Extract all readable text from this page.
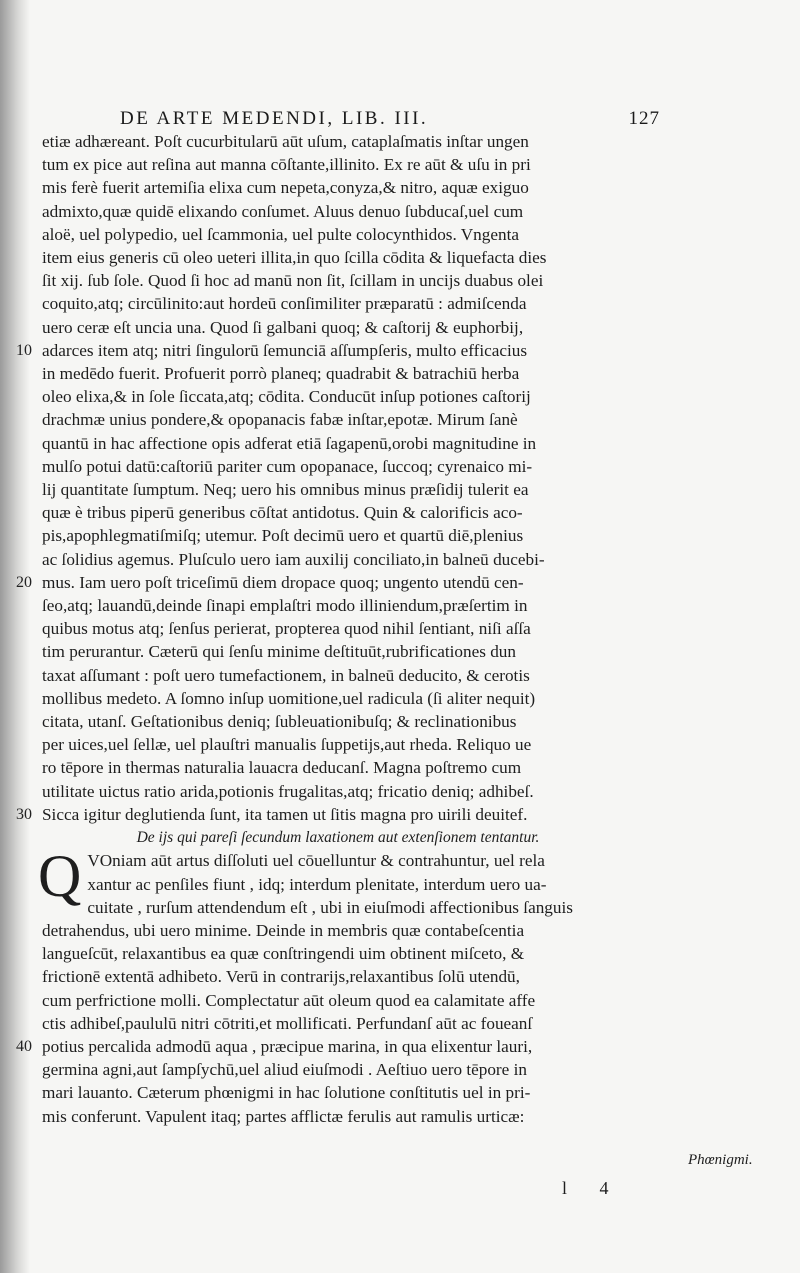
DE ARTE MEDENDI, LIB. III.	127
etiæ adhæreant. Poſt cucurbitularū aūt uſum, cataplaſmatis inſtar ungen
tum ex pice aut reſina aut manna cōſtante,illinito. Ex re aūt & uſu in pri
mis ferè fuerit artemiſia elixa cum nepeta,conyza,& nitro, aquæ exiguo
admixto,quæ quidē elixando conſumet. Aluus denuo ſubducaſ,uel cum
aloë, uel polypedio, uel ſcammonia, uel pulte colocynthidos. Vngenta
item eius generis cū oleo ueteri illita,in quo ſcilla cōdita & liquefacta dies
ſit xij. ſub ſole. Quod ſi hoc ad manū non ſit, ſcillam in uncijs duabus olei
coquito,atq; circūlinito:aut hordeū conſimiliter præparatū : admiſcenda
uero ceræ eſt uncia una. Quod ſi galbani quoq; & caſtorij & euphorbij,
10 adarces item atq; nitri ſingulorū ſemunciā aſſumpſeris, multo efficacius
in medēdo fuerit. Profuerit porrò planeq; quadrabit & batrachiū herba
oleo elixa,& in ſole ſiccata,atq; cōdita. Conducūt inſup potiones caſtorij
drachmæ unius pondere,& opopanacis fabæ inſtar,epotæ. Mirum ſanè
quantū in hac affectione opis adferat etiā ſagapenū,orobi magnitudine in
mulſo potui datū:caſtoriū pariter cum opopanace, ſuccoq; cyrenaico mi-
lij quantitate ſumptum. Neq; uero his omnibus minus præſidij tulerit ea
quæ è tribus piperū generibus cōſtat antidotus. Quin & calorificis aco-
pis,apophlegmatiſmiſq; utemur. Poſt decimū uero et quartū diē,plenius
ac ſolidius agemus. Pluſculo uero iam auxilij conciliato,in balneū ducebi-
20 mus. Iam uero poſt triceſimū diem dropace quoq; ungento utendū cen-
ſeo,atq; lauandū,deinde ſinapi emplaſtri modo illiniendum,præſertim in
quibus motus atq; ſenſus perierat, propterea quod nihil ſentiant, niſi aſſa
tim perurantur. Cæterū qui ſenſu minime deſtituūt,rubrificationes dun
taxat aſſumant : poſt uero tumefactionem, in balneū deducito, & cerotis
mollibus medeto. A ſomno inſup uomitione,uel radicula (ſi aliter nequit)
citata, utanſ. Geſtationibus deniq; ſubleuationibuſq; & reclinationibus
per uices,uel ſellæ, uel plauſtri manualis ſuppetijs,aut rheda. Reliquo ue
ro tēpore in thermas naturalia lauacra deducanſ. Magna poſtremo cum
utilitate uictus ratio arida,potionis frugalitas,atq; fricatio deniq; adhibeſ.
30 Sicca igitur deglutienda ſunt, ita tamen ut ſitis magna pro uirili deuitef.
De ijs qui pareſi ſecundum laxationem aut extenſionem tentantur.
Q VOniam aūt artus diſſoluti uel cōuelluntur & contrahuntur, uel rela
xantur ac penſiles fiunt , idq; interdum plenitate, interdum uero ua-
cuitate , rurſum attendendum eſt , ubi in eiuſmodi affectionibus ſanguis
detrahendus, ubi uero minime. Deinde in membris quæ contabeſcentia
langueſcūt, relaxantibus ea quæ conſtringendi uim obtinent miſceto, &
frictionē extentā adhibeto. Verū in contrarijs,relaxantibus ſolū utendū,
cum perfrictione molli. Complectatur aūt oleum quod ea calamitate affe
ctis adhibeſ,paululū nitri cōtriti,et mollificati. Perfundanſ aūt ac foueanſ
40 potius percalida admodū aqua , præcipue marina, in qua elixentur lauri,
germina agni,aut ſampſychū,uel aliud eiuſmodi . Aeſtiuo uero tēpore in
mari lauanto. Cæterum phœnigmi in hac ſolutione conſtitutis uel in pri-
mis conferunt. Vapulent itaq; partes afflictæ ferulis aut ramulis urticæ:
Phœnigmi.
l 4
